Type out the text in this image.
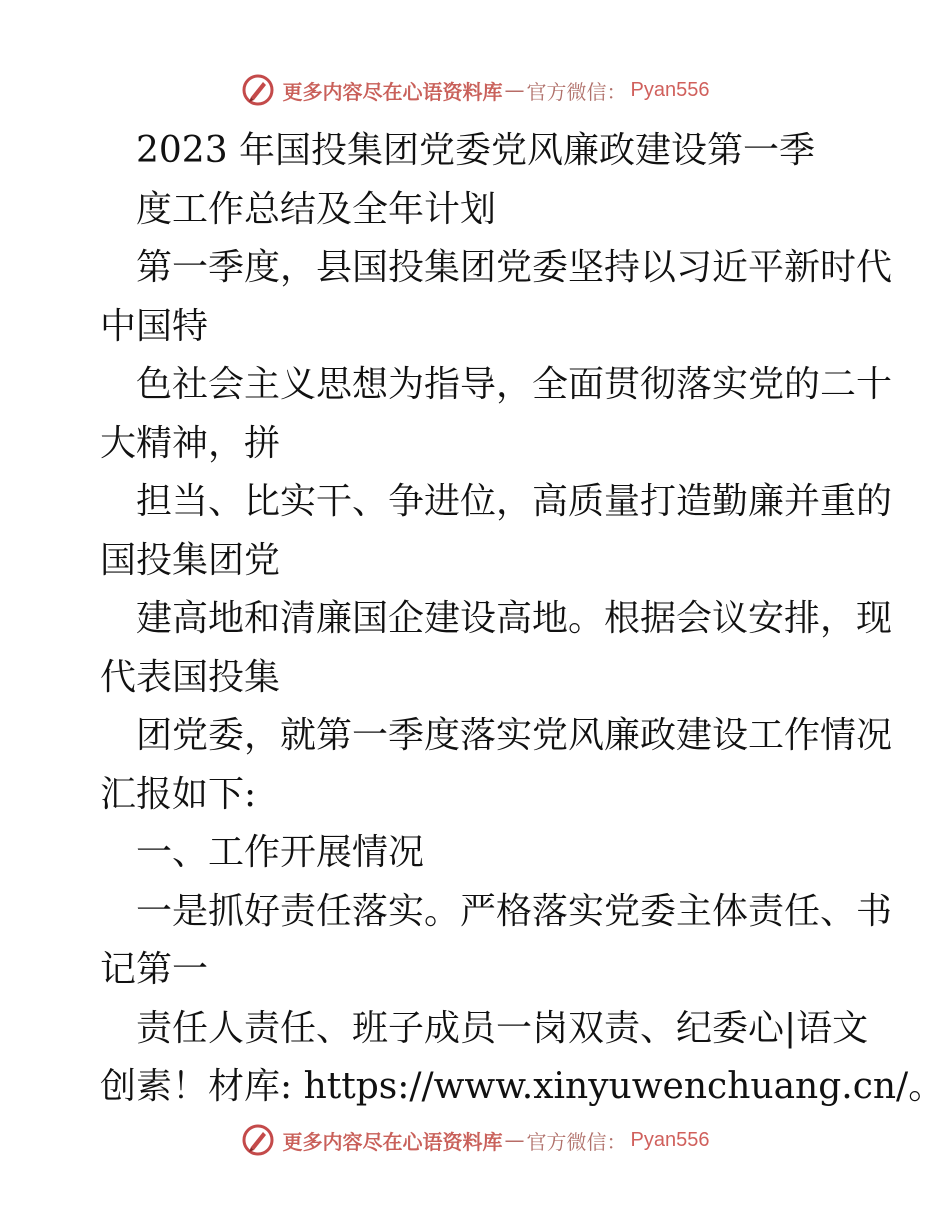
更多内容尽在心语资料库 — 官方微信： Pyan556
2023 年国投集团党委党风廉政建设第一季
度工作总结及全年计划
第一季度，县国投集团党委坚持以习近平新时代
中国特
色社会主义思想为指导，全面贯彻落实党的二十
大精神，拼
担当、比实干、争进位，高质量打造勤廉并重的
国投集团党
建高地和清廉国企建设高地。根据会议安排，现
代表国投集
团党委，就第一季度落实党风廉政建设工作情况
汇报如下:
一、工作开展情况
一是抓好责任落实。严格落实党委主体责任、书
记第一
责任人责任、班子成员一岗双责、纪委心|语文
创素！材库: https://www.xinyuwenchuang.cn/。
更多内容尽在心语资料库 — 官方微信： Pyan556
